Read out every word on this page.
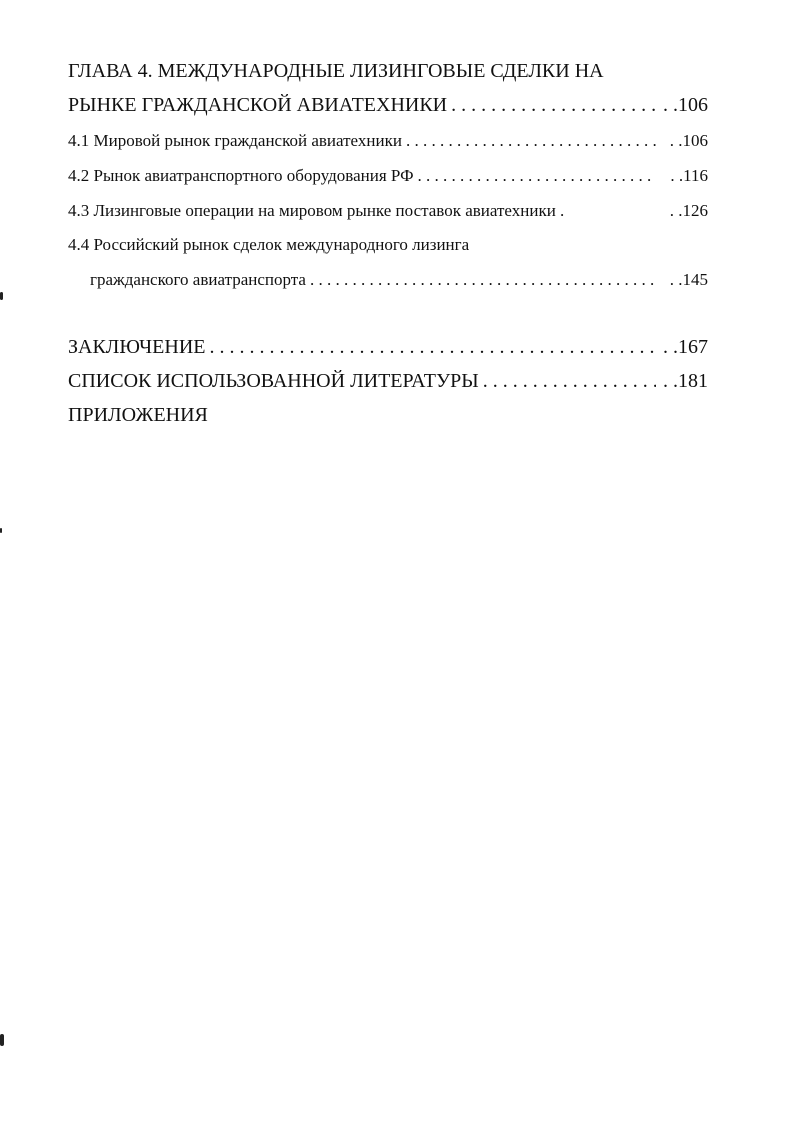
ГЛАВА 4. МЕЖДУНАРОДНЫЕ ЛИЗИНГОВЫЕ СДЕЛКИ НА
РЫНКЕ ГРАЖДАНСКОЙ АВИАТЕХНИКИ . . .	. .106
4.1 Мировой рынок гражданской авиатехники . . .	. .106
4.2 Рынок авиатранспортного оборудования РФ . . .	. .116
4.3 Лизинговые операции на мировом рынке поставок авиатехники .	. .126
4.4 Российский рынок сделок международного лизинга
гражданского авиатранспорта . . .	. .145
ЗАКЛЮЧЕНИЕ . . .	. .167
СПИСОК ИСПОЛЬЗОВАННОЙ ЛИТЕРАТУРЫ . . .	. .181
ПРИЛОЖЕНИЯ
